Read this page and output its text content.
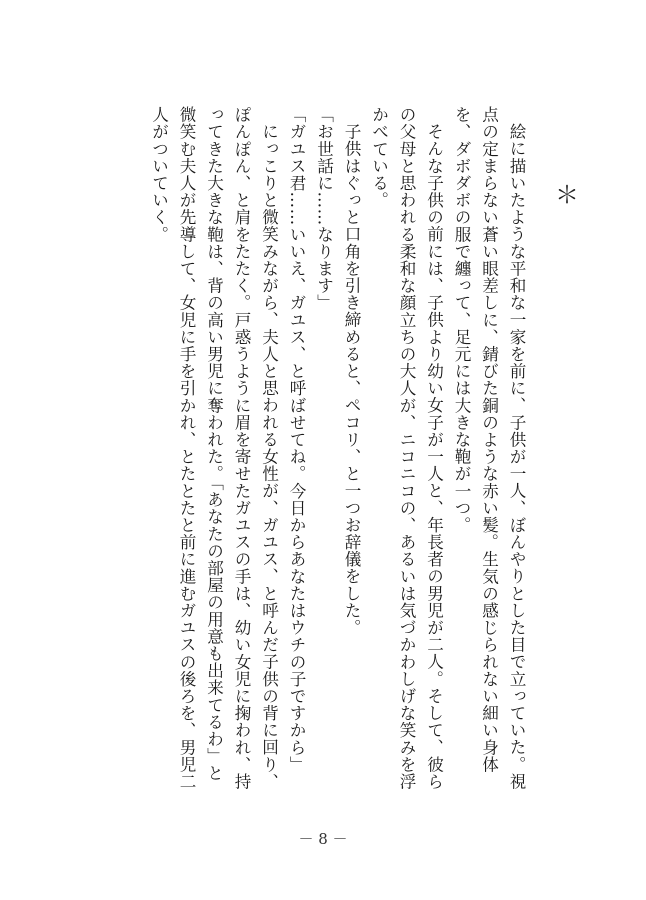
＊

絵に描いたような平和な一家を前に、子供が一人、ぼんやりとした目で立っていた。視点の定まらない蒼い眼差しに、錆びた銅のような赤い髪。生気の感じられない細い身体を、ダボダボの服で纏って、足元には大きな鞄が一つ。

そんな子供の前には、子供より幼い女子が一人と、年長者の男児が二人。そして、彼らの父母と思われる柔和な顔立ちの大人が、ニコニコの、あるいは気づかわしげな笑みを浮かべている。

子供はぐっと口角を引き締めると、ペコリ、と一つお辞儀をした。

「お世話に……なります」

「ガユス君……いいえ、ガユス、と呼ばせてね。今日からあなたはウチの子ですから」

にっこりと微笑みながら、夫人と思われる女性が、ガユス、と呼んだ子供の背に回り、ぽんぽん、と肩をたたく。戸惑うように眉を寄せたガユスの手は、幼い女児に掬われ、持ってきた大きな鞄は、背の高い男児に奪われた。「あなたの部屋の用意も出来てるわ」と微笑む夫人が先導して、女児に手を引かれ、とたとたと前に進むガユスの後ろを、男児二人がついていく。

－ 8 －
